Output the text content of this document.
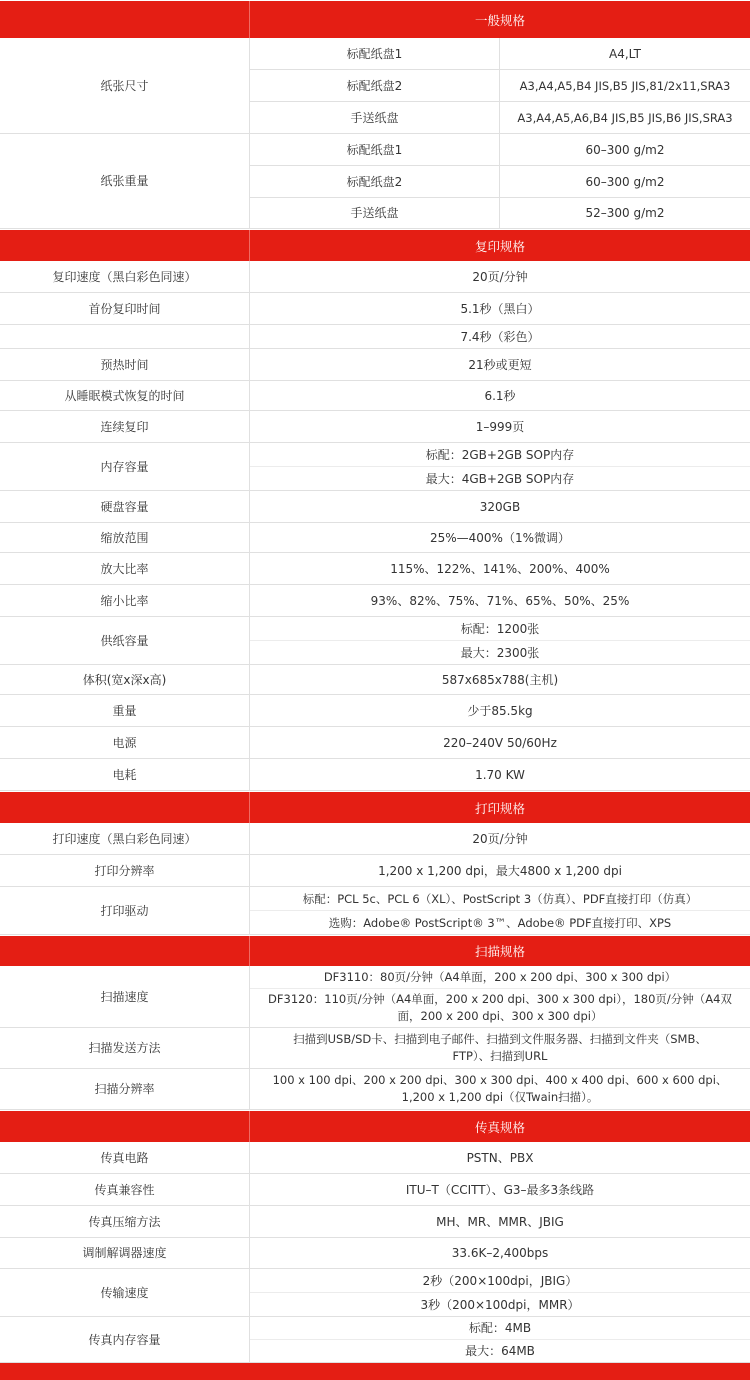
一般规格
纸张尺寸
标配纸盘1	A4,LT
标配纸盘2	A3,A4,A5,B4 JIS,B5 JIS,81/2x11,SRA3
手送纸盘	A3,A4,A5,A6,B4 JIS,B5 JIS,B6 JIS,SRA3
纸张重量
标配纸盘1	60–300 g/m2
标配纸盘2	60–300 g/m2
手送纸盘	52–300 g/m2
复印规格
复印速度（黑白彩色同速）	20页/分钟
首份复印时间	5.1秒（黑白）
7.4秒（彩色）
预热时间	21秒或更短
从睡眠模式恢复的时间	6.1秒
连续复印	1–999页
内存容量
标配：2GB+2GB SOP内存
最大：4GB+2GB SOP内存
硬盘容量	320GB
缩放范围	25%—400%（1%微调）
放大比率	115%、122%、141%、200%、400%
缩小比率	93%、82%、75%、71%、65%、50%、25%
供纸容量
标配：1200张
最大：2300张
体积(宽x深x高)	587x685x788(主机)
重量	少于85.5kg
电源	220–240V 50/60Hz
电耗	1.70 KW
打印规格
打印速度（黑白彩色同速）	20页/分钟
打印分辨率	1,200 x 1,200 dpi，最大4800 x 1,200 dpi
打印驱动
标配：PCL 5c、PCL 6（XL）、PostScript 3（仿真）、PDF直接打印（仿真）
选购：Adobe® PostScript® 3™、Adobe® PDF直接打印、XPS
扫描规格
扫描速度
DF3110：80页/分钟（A4单面，200 x 200 dpi、300 x 300 dpi）
DF3120：110页/分钟（A4单面，200 x 200 dpi、300 x 300 dpi），180页/分钟（A4双
面，200 x 200 dpi、300 x 300 dpi）
扫描发送方法
扫描到USB/SD卡、扫描到电子邮件、扫描到文件服务器、扫描到文件夹（SMB、
FTP）、扫描到URL
扫描分辨率
100 x 100 dpi、200 x 200 dpi、300 x 300 dpi、400 x 400 dpi、600 x 600 dpi、
1,200 x 1,200 dpi（仅Twain扫描）。
传真规格
传真电路	PSTN、PBX
传真兼容性	ITU–T（CCITT）、G3–最多3条线路
传真压缩方法	MH、MR、MMR、JBIG
调制解调器速度	33.6K–2,400bps
传输速度
2秒（200×100dpi，JBIG）
3秒（200×100dpi，MMR）
传真内存容量
标配：4MB
最大：64MB
